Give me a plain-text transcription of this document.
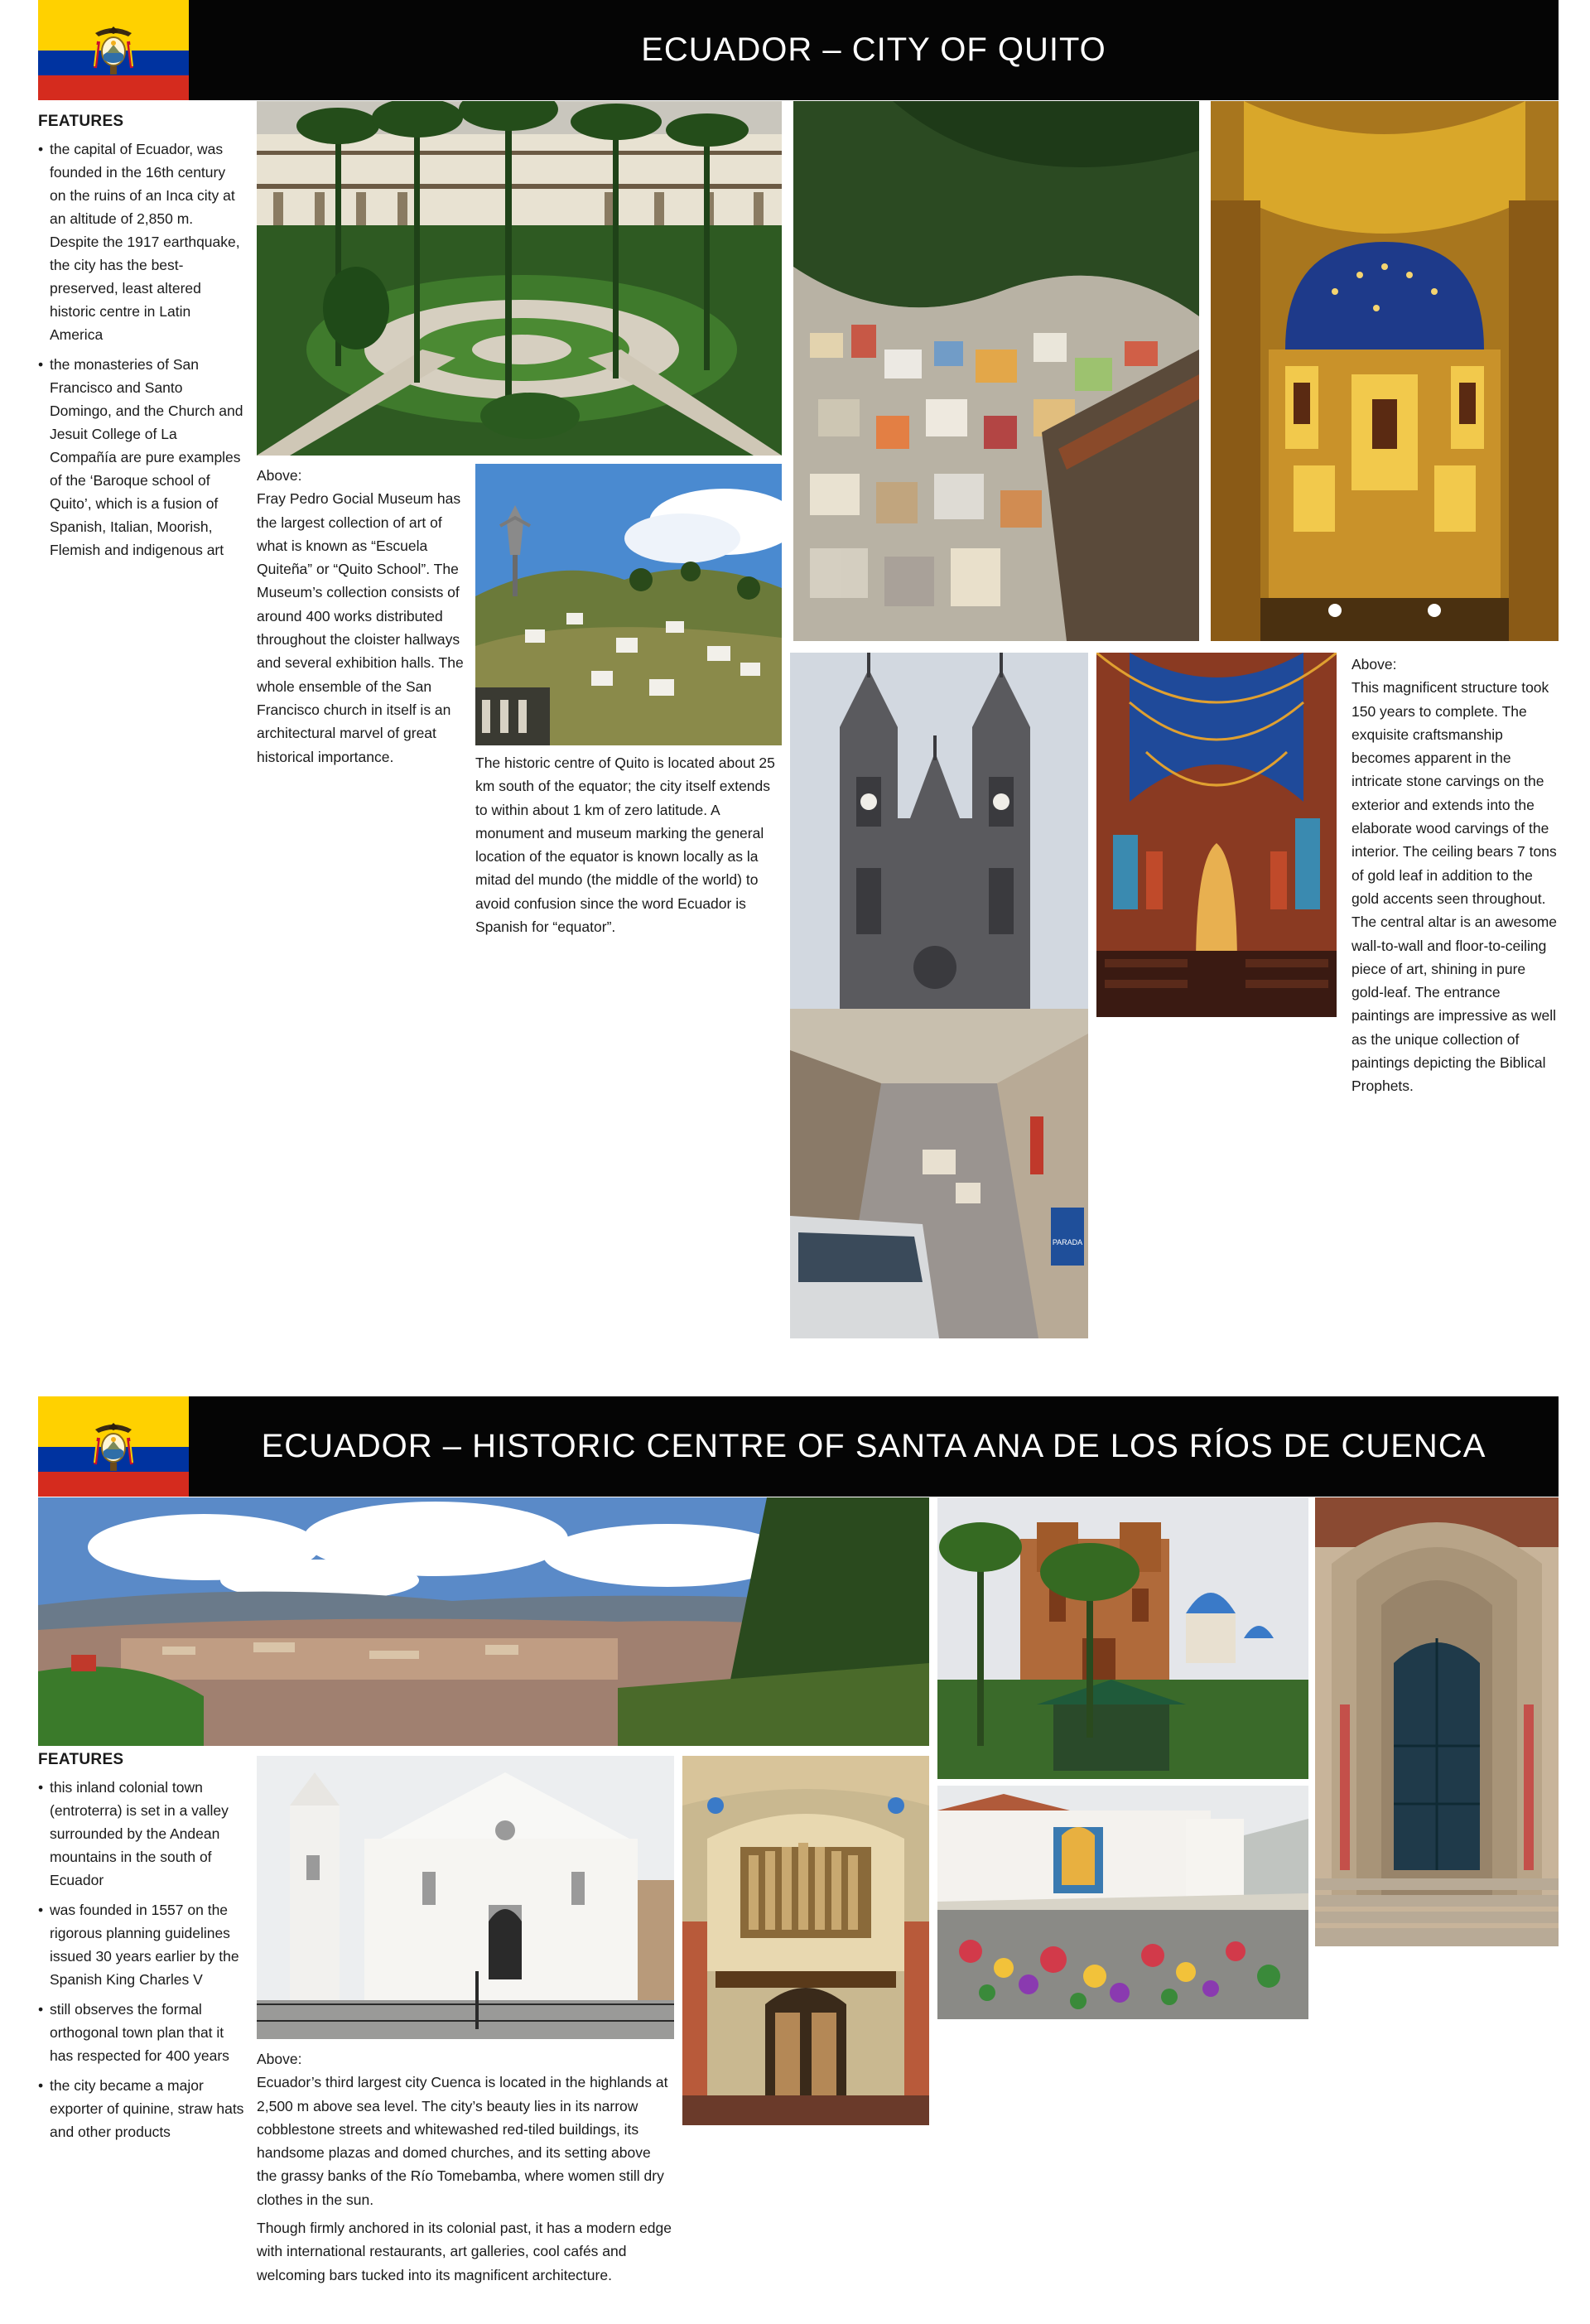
ECUADOR – CITY OF QUITO
FEATURES
• the capital of Ecuador, was founded in the 16th century on the ruins of an Inca city at an altitude of 2,850 m. Despite the 1917 earthquake, the city has the best-preserved, least altered historic centre in Latin America
• the monasteries of San Francisco and Santo Domingo, and the Church and Jesuit College of La Compañía are pure examples of the ‘Baroque school of Quito’, which is a fusion of Spanish, Italian, Moorish, Flemish and indigenous art
Above:
Fray Pedro Gocial Museum has the largest collection of art of what is known as “Escuela Quiteña” or “Quito School”. The Museum’s collection consists of around 400 works distributed throughout the cloister hallways and several exhibition halls. The whole ensemble of the San Francisco church in itself is an architectural marvel of great historical importance.	The historic centre of Quito is located about 25 km south of the equator; the city itself extends to within about 1 km of zero latitude. A monument and museum marking the general location of the equator is known locally as la mitad del mundo (the middle of the world) to avoid confusion since the word Ecuador is Spanish for “equator”.
PARADA
Above:
This magnificent structure took 150 years to complete. The exquisite craftsmanship becomes apparent in the intricate stone carvings on the exterior and extends into the elaborate wood carvings of the interior. The ceiling bears 7 tons of gold leaf in addition to the gold accents seen throughout. The central altar is an awesome wall-to-wall and floor-to-ceiling piece of art, shining in pure gold-leaf. The entrance paintings are impressive as well as the unique collection of paintings depicting the Biblical Prophets.
ECUADOR – HISTORIC CENTRE OF SANTA ANA DE LOS RÍOS DE CUENCA
FEATURES
• this inland colonial town (entroterra) is set in a valley surrounded by the Andean mountains in the south of Ecuador
• was founded in 1557 on the rigorous planning guidelines issued 30 years earlier by the Spanish King Charles V
• still observes the formal orthogonal town plan that it has respected for 400 years
• the city became a major exporter of quinine, straw hats and other products
Above:

Ecuador’s third largest city Cuenca is located in the highlands at 2,500 m above sea level. The city’s beauty lies in its narrow cobblestone streets and whitewashed red-tiled buildings, its handsome plazas and domed churches, and its setting above the grassy banks of the Río Tomebamba, where women still dry clothes in the sun.

Though firmly anchored in its colonial past, it has a modern edge with international restaurants, art galleries, cool cafés and welcoming bars tucked into its magnificent architecture.
